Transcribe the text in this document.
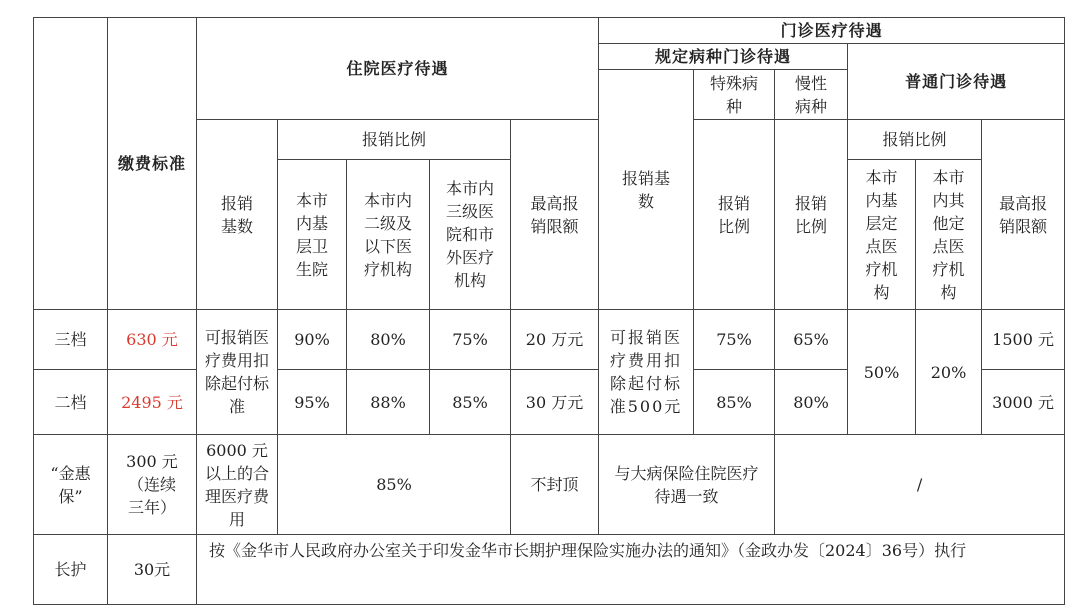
	缴费标准	住院医疗待遇					门诊医疗待遇					
							规定病种门诊待遇			普通门诊待遇		
							报销基数	特殊病种	慢性病种			
		报销基数	报销比例			最高报销限额		报销比例	报销比例	报销比例		最高报销限额
			本市内基层卫生院	本市内二级及以下医疗机构	本市内三级医院和市外医疗机构					本市内基层定点医疗机构	本市内其他定点医疗机构	
三档	630 元	可报销医疗费用扣除起付标准	90%	80%	75%	20 万元	可报销医疗费用扣除起付标准500元	75%	65%	50%	20%	1500 元
二档	2495 元		95%	88%	85%	30 万元		85%	80%			3000 元
“金惠保”	300 元（连续三年）	6000 元以上的合理医疗费用	85%			不封顶	与大病保险住院医疗待遇一致		/			
长护	30元	按《金华市人民政府办公室关于印发金华市长期护理保险实施办法的通知》（金政办发〔2024〕36号）执行										
